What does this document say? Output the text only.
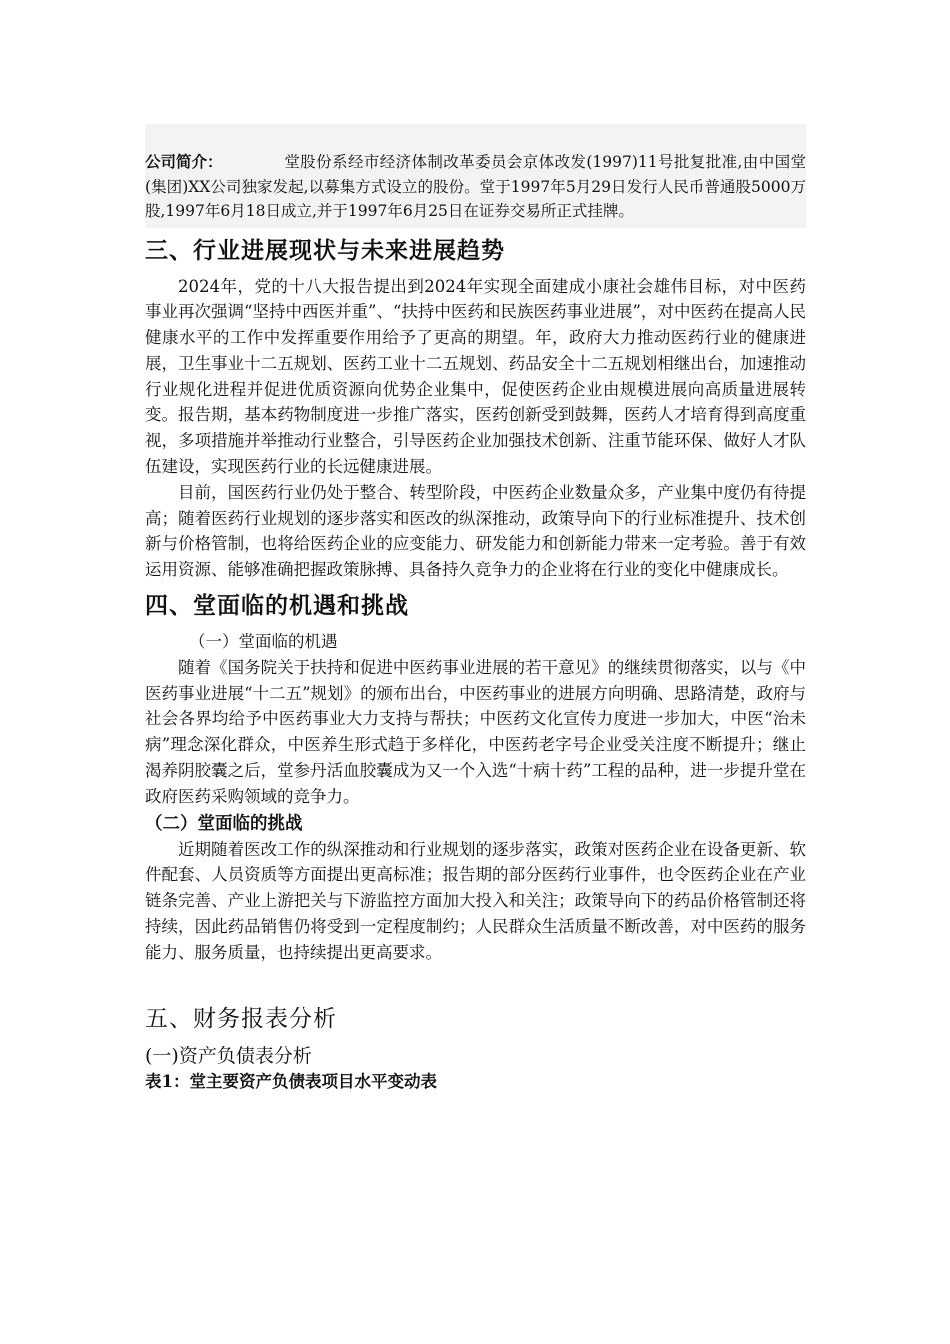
公司简介：	堂股份系经市经济体制改革委员会京体改发(1997)11号批复批准,由中国堂(集团)XX公司独家发起,以募集方式设立的股份。堂于1997年5月29日发行人民币普通股5000万股,1997年6月18日成立,并于1997年6月25日在证券交易所正式挂牌。
三、行业进展现状与未来进展趋势

2024年，党的十八大报告提出到2024年实现全面建成小康社会雄伟目标，对中医药事业再次强调“坚持中西医并重”、“扶持中医药和民族医药事业进展”，对中医药在提高人民健康水平的工作中发挥重要作用给予了更高的期望。年，政府大力推动医药行业的健康进展，卫生事业十二五规划、医药工业十二五规划、药品安全十二五规划相继出台，加速推动行业规化进程并促进优质资源向优势企业集中，促使医药企业由规模进展向高质量进展转变。报告期，基本药物制度进一步推广落实，医药创新受到鼓舞，医药人才培育得到高度重视，多项措施并举推动行业整合，引导医药企业加强技术创新、注重节能环保、做好人才队伍建设，实现医药行业的长远健康进展。

目前，国医药行业仍处于整合、转型阶段，中医药企业数量众多，产业集中度仍有待提高；随着医药行业规划的逐步落实和医改的纵深推动，政策导向下的行业标准提升、技术创新与价格管制，也将给医药企业的应变能力、研发能力和创新能力带来一定考验。善于有效运用资源、能够准确把握政策脉搏、具备持久竞争力的企业将在行业的变化中健康成长。

四、堂面临的机遇和挑战

（一）堂面临的机遇

随着《国务院关于扶持和促进中医药事业进展的若干意见》的继续贯彻落实，以与《中医药事业进展“十二五”规划》的颁布出台，中医药事业的进展方向明确、思路清楚，政府与社会各界均给予中医药事业大力支持与帮扶；中医药文化宣传力度进一步加大，中医“治未病”理念深化群众，中医养生形式趋于多样化，中医药老字号企业受关注度不断提升；继止渴养阴胶囊之后，堂参丹活血胶囊成为又一个入选“十病十药”工程的品种，进一步提升堂在政府医药采购领域的竞争力。

（二）堂面临的挑战

近期随着医改工作的纵深推动和行业规划的逐步落实，政策对医药企业在设备更新、软件配套、人员资质等方面提出更高标准；报告期的部分医药行业事件，也令医药企业在产业链条完善、产业上游把关与下游监控方面加大投入和关注；政策导向下的药品价格管制还将持续，因此药品销售仍将受到一定程度制约；人民群众生活质量不断改善，对中医药的服务能力、服务质量，也持续提出更高要求。

五、财务报表分析

(一)资产负债表分析

表1：堂主要资产负债表项目水平变动表
